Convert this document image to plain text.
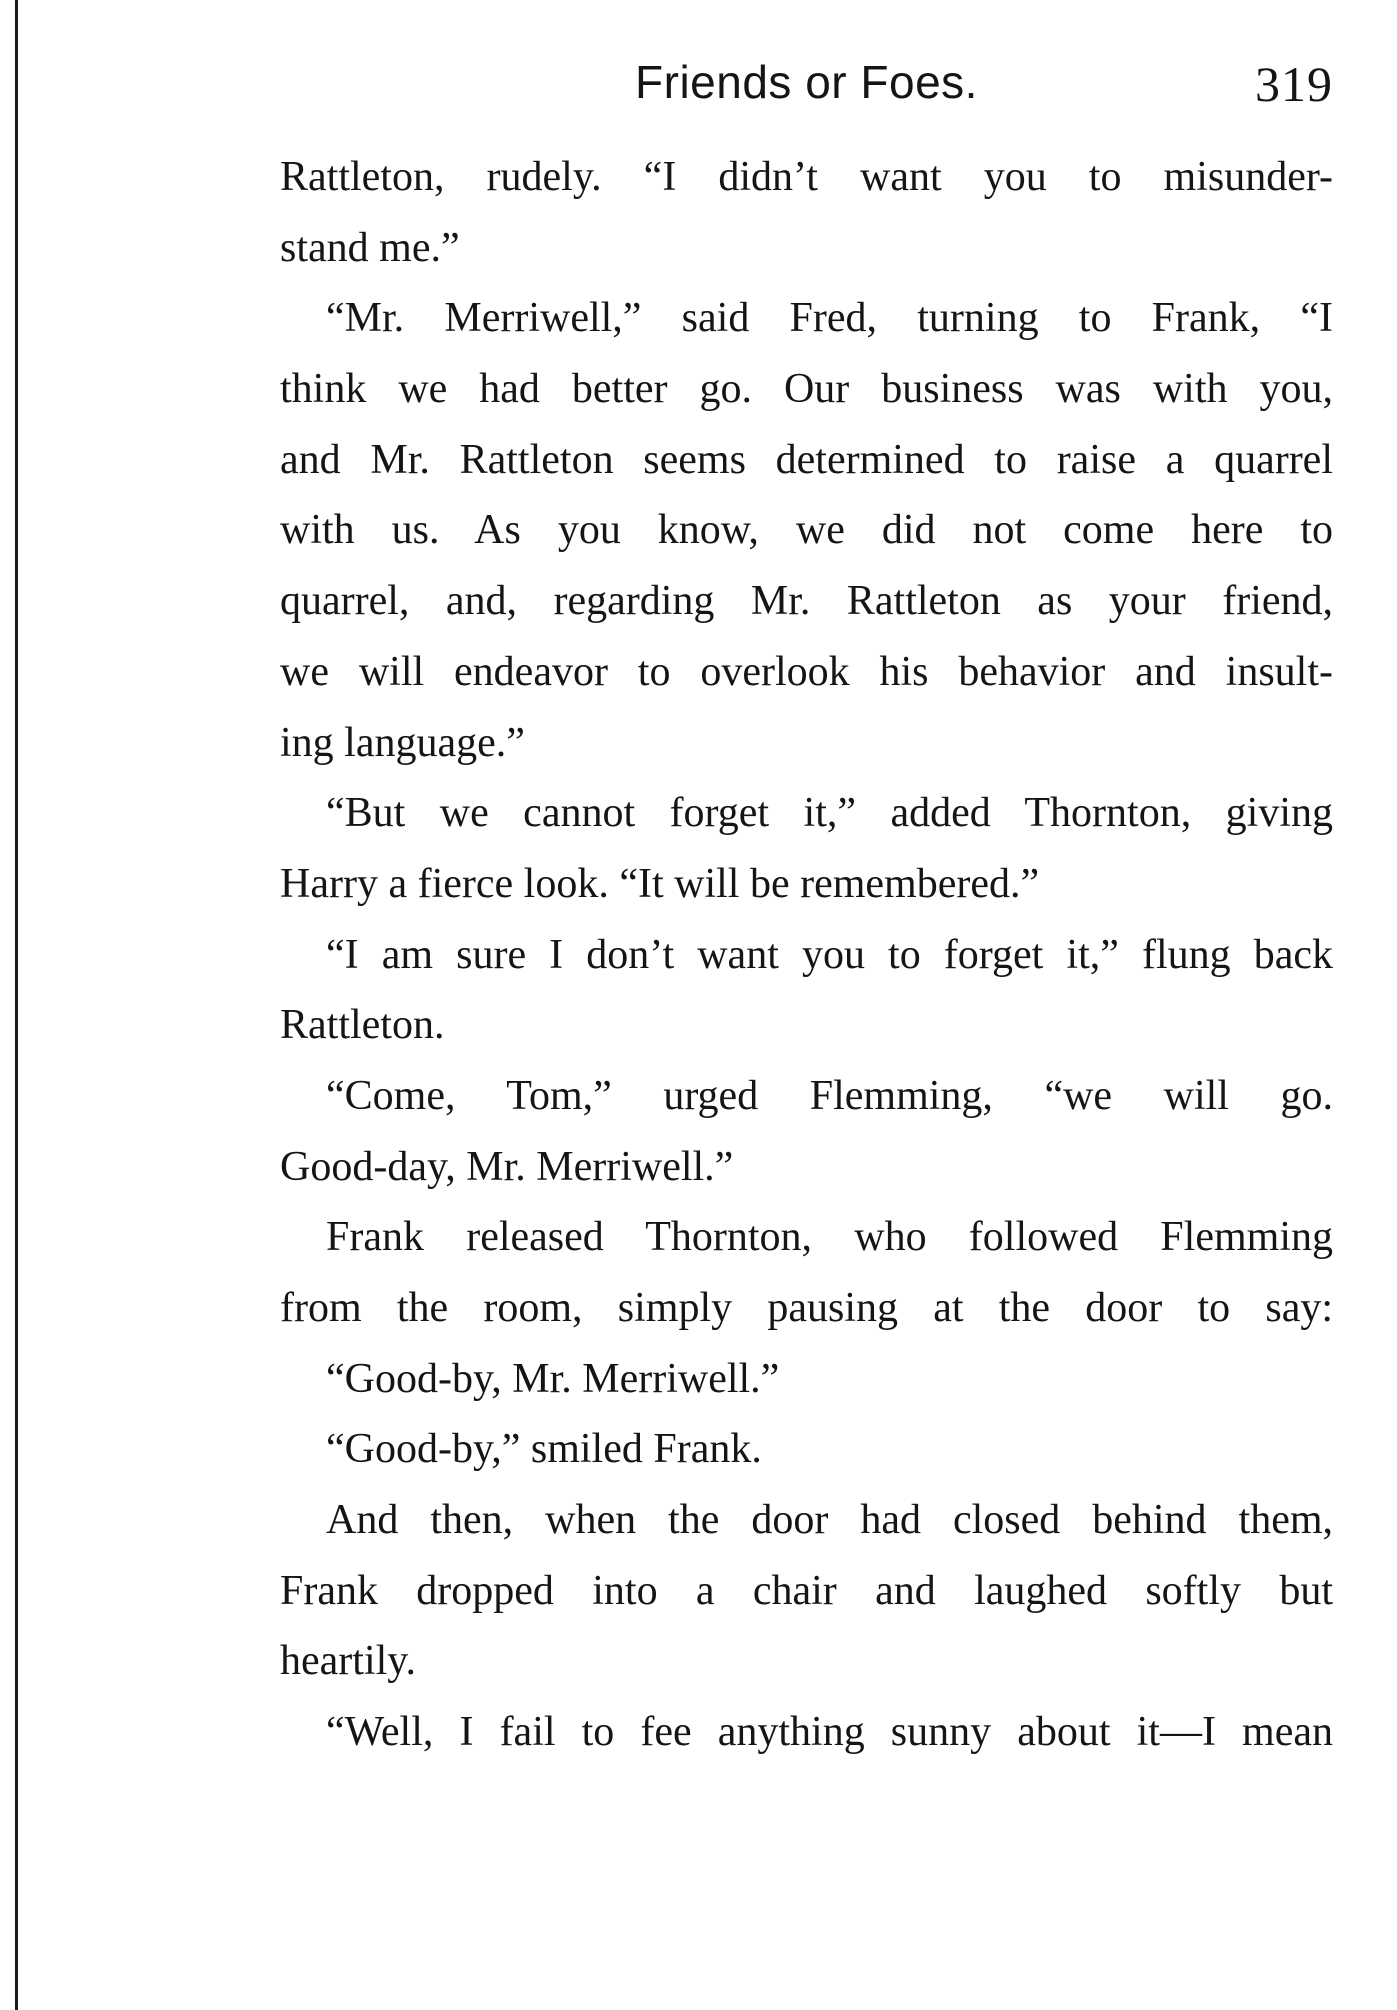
Friends or Foes.	319
Rattleton, rudely. “I didn’t want you to misunder-
stand me.”
“Mr. Merriwell,” said Fred, turning to Frank, “I
think we had better go. Our business was with you,
and Mr. Rattleton seems determined to raise a quarrel
with us. As you know, we did not come here to
quarrel, and, regarding Mr. Rattleton as your friend,
we will endeavor to overlook his behavior and insult-
ing language.”
“But we cannot forget it,” added Thornton, giving
Harry a fierce look. “It will be remembered.”
“I am sure I don’t want you to forget it,” flung back
Rattleton.
“Come, Tom,” urged Flemming, “we will go.
Good-day, Mr. Merriwell.”
Frank released Thornton, who followed Flemming
from the room, simply pausing at the door to say:
“Good-by, Mr. Merriwell.”
“Good-by,” smiled Frank.
And then, when the door had closed behind them,
Frank dropped into a chair and laughed softly but
heartily.
“Well, I fail to fee anything sunny about it—I mean
